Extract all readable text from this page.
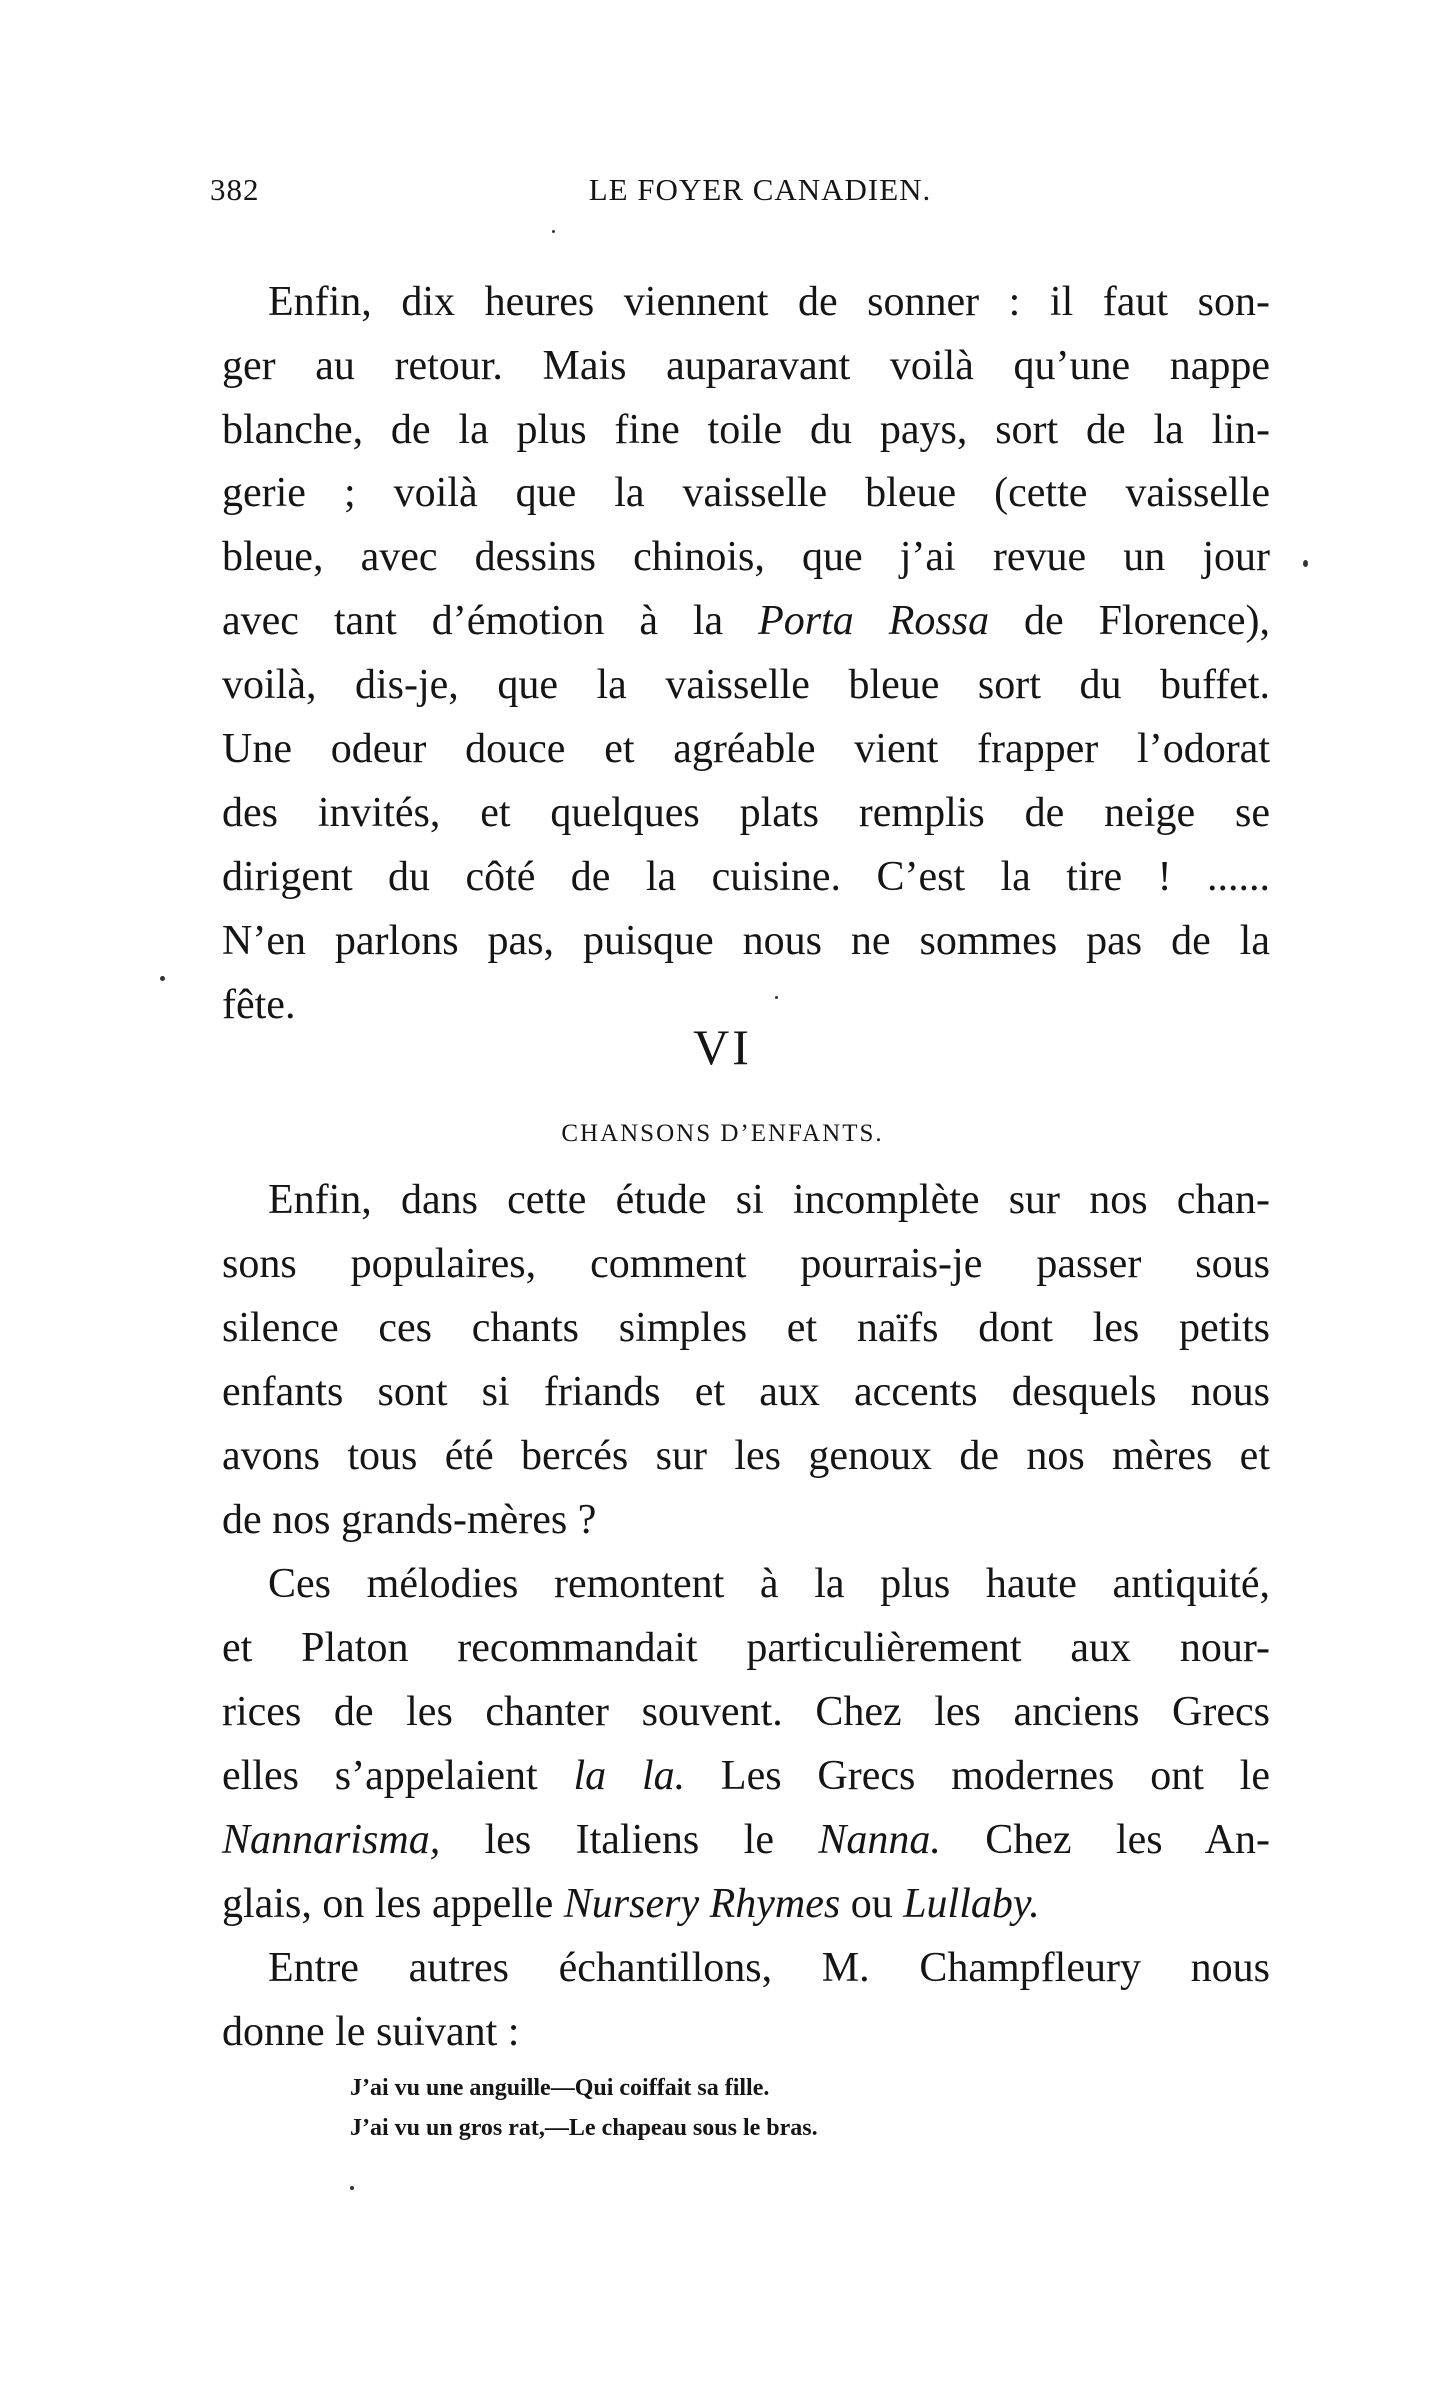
382	LE FOYER CANADIEN.
Enfin, dix heures viennent de sonner : il faut son-
ger au retour. Mais auparavant voilà qu’une nappe
blanche, de la plus fine toile du pays, sort de la lin-
gerie ; voilà que la vaisselle bleue (cette vaisselle
bleue, avec dessins chinois, que j’ai revue un jour
avec tant d’émotion à la Porta Rossa de Florence),
voilà, dis-je, que la vaisselle bleue sort du buffet.
Une odeur douce et agréable vient frapper l’odorat
des invités, et quelques plats remplis de neige se
dirigent du côté de la cuisine. C’est la tire ! ......
N’en parlons pas, puisque nous ne sommes pas de la
fête.
VI
CHANSONS D’ENFANTS.
Enfin, dans cette étude si incomplète sur nos chan-
sons populaires, comment pourrais-je passer sous
silence ces chants simples et naïfs dont les petits
enfants sont si friands et aux accents desquels nous
avons tous été bercés sur les genoux de nos mères et
de nos grands-mères ?
Ces mélodies remontent à la plus haute antiquité,
et Platon recommandait particulièrement aux nour-
rices de les chanter souvent. Chez les anciens Grecs
elles s’appelaient la la. Les Grecs modernes ont le
Nannarisma, les Italiens le Nanna. Chez les An-
glais, on les appelle Nursery Rhymes ou Lullaby.
Entre autres échantillons, M. Champfleury nous
donne le suivant :
J’ai vu une anguille—Qui coiffait sa fille.
J’ai vu un gros rat,—Le chapeau sous le bras.
